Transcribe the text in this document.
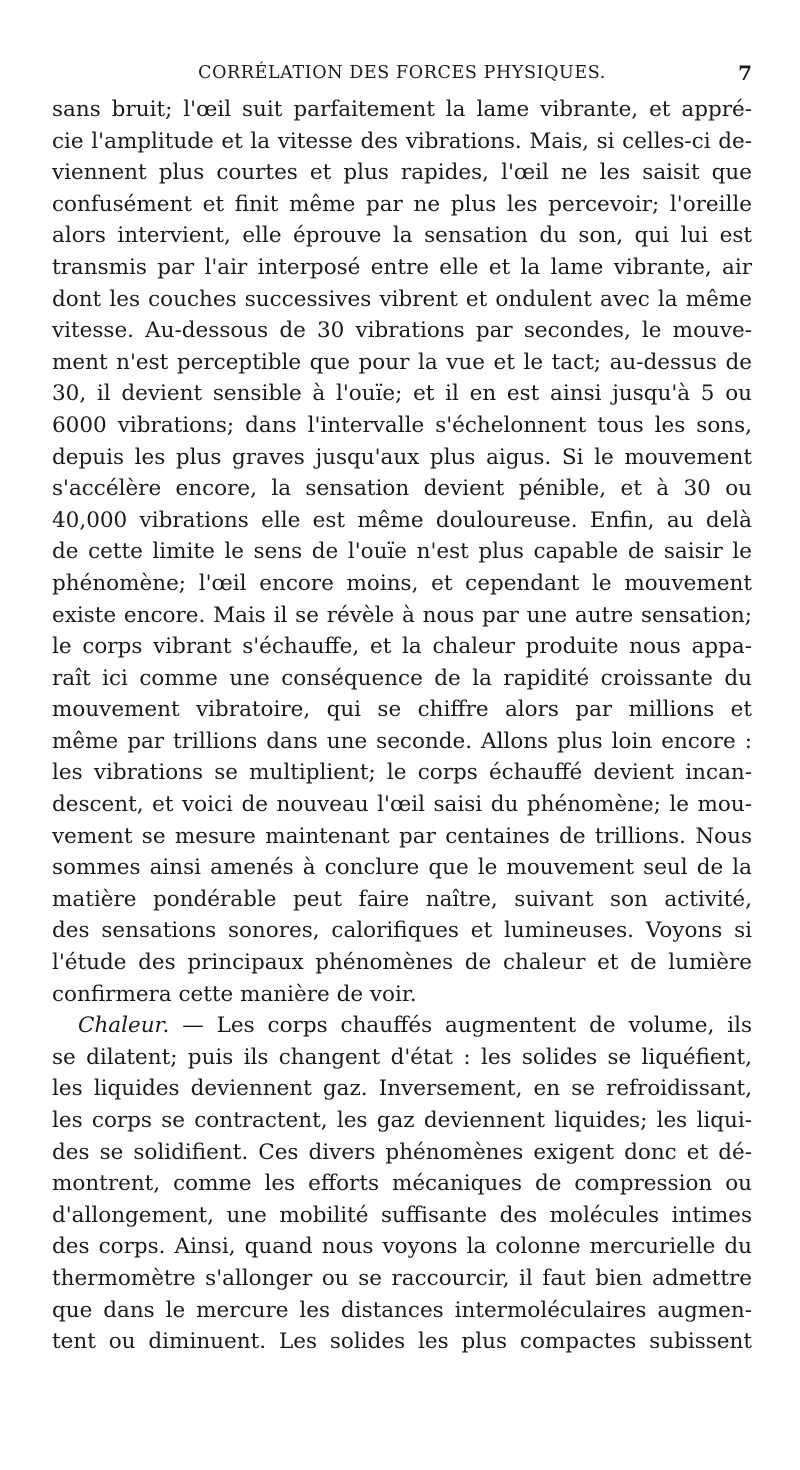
CORRÉLATION DES FORCES PHYSIQUES.	7
sans bruit; l'œil suit parfaitement la lame vibrante, et appré-
cie l'amplitude et la vitesse des vibrations. Mais, si celles-ci de-
viennent plus courtes et plus rapides, l'œil ne les saisit que
confusément et finit même par ne plus les percevoir; l'oreille
alors intervient, elle éprouve la sensation du son, qui lui est
transmis par l'air interposé entre elle et la lame vibrante, air
dont les couches successives vibrent et ondulent avec la même
vitesse. Au-dessous de 30 vibrations par secondes, le mouve-
ment n'est perceptible que pour la vue et le tact; au-dessus de
30, il devient sensible à l'ouïe; et il en est ainsi jusqu'à 5 ou
6000 vibrations; dans l'intervalle s'échelonnent tous les sons,
depuis les plus graves jusqu'aux plus aigus. Si le mouvement
s'accélère encore, la sensation devient pénible, et à 30 ou
40,000 vibrations elle est même douloureuse. Enfin, au delà
de cette limite le sens de l'ouïe n'est plus capable de saisir le
phénomène; l'œil encore moins, et cependant le mouvement
existe encore. Mais il se révèle à nous par une autre sensation;
le corps vibrant s'échauffe, et la chaleur produite nous appa-
raît ici comme une conséquence de la rapidité croissante du
mouvement vibratoire, qui se chiffre alors par millions et
même par trillions dans une seconde. Allons plus loin encore :
les vibrations se multiplient; le corps échauffé devient incan-
descent, et voici de nouveau l'œil saisi du phénomène; le mou-
vement se mesure maintenant par centaines de trillions. Nous
sommes ainsi amenés à conclure que le mouvement seul de la
matière pondérable peut faire naître, suivant son activité,
des sensations sonores, calorifiques et lumineuses. Voyons si
l'étude des principaux phénomènes de chaleur et de lumière
confirmera cette manière de voir.
Chaleur. — Les corps chauffés augmentent de volume, ils
se dilatent; puis ils changent d'état : les solides se liquéfient,
les liquides deviennent gaz. Inversement, en se refroidissant,
les corps se contractent, les gaz deviennent liquides; les liqui-
des se solidifient. Ces divers phénomènes exigent donc et dé-
montrent, comme les efforts mécaniques de compression ou
d'allongement, une mobilité suffisante des molécules intimes
des corps. Ainsi, quand nous voyons la colonne mercurielle du
thermomètre s'allonger ou se raccourcir, il faut bien admettre
que dans le mercure les distances intermoléculaires augmen-
tent ou diminuent. Les solides les plus compactes subissent
